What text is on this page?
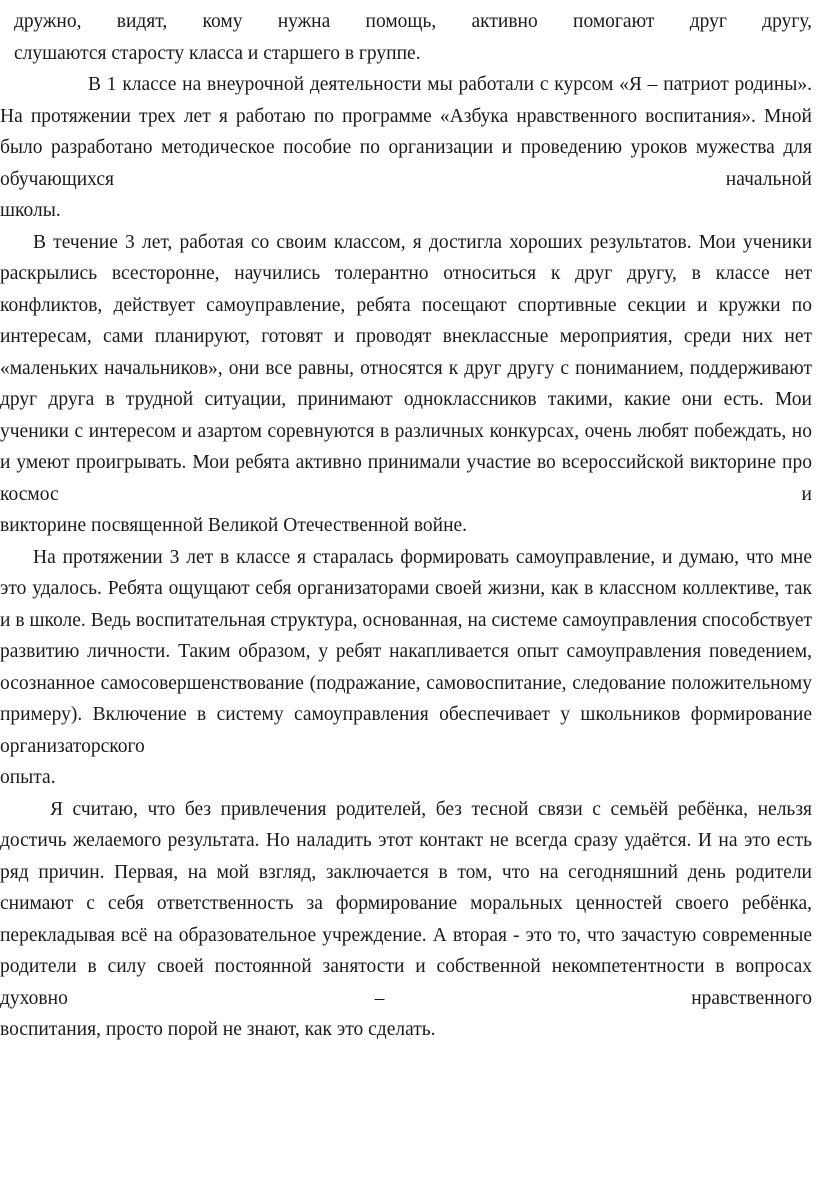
дружно, видят, кому нужна помощь, активно помогают друг другу,

слушаются старосту класса и старшего в группе.

В 1 классе на внеурочной деятельности мы работали с курсом «Я – патриот родины». На протяжении трех лет я работаю по программе «Азбука нравственного воспитания». Мной было разработано методическое пособие по организации и проведению уроков мужества для обучающихся начальной

школы.

В течение 3 лет, работая со своим классом, я достигла хороших результатов. Мои ученики раскрылись всесторонне, научились толерантно относиться к друг другу, в классе нет конфликтов, действует самоуправление, ребята посещают спортивные секции и кружки по интересам, сами планируют, готовят и проводят внеклассные мероприятия, среди них нет «маленьких начальников», они все равны, относятся к друг другу с пониманием, поддерживают друг друга в трудной ситуации, принимают одноклассников такими, какие они есть. Мои ученики с интересом и азартом соревнуются в различных конкурсах, очень любят побеждать, но и умеют проигрывать. Мои ребята активно принимали участие во всероссийской викторине про космос и

викторине посвященной Великой Отечественной войне.

На протяжении 3 лет в классе я старалась формировать самоуправление, и думаю, что мне это удалось. Ребята ощущают себя организаторами своей жизни, как в классном коллективе, так и в школе. Ведь воспитательная структура, основанная, на системе самоуправления способствует развитию личности. Таким образом, у ребят накапливается опыт самоуправления поведением, осознанное самосовершенствование (подражание, самовоспитание, следование положительному примеру). Включение в систему самоуправления обеспечивает у школьников формирование организаторского

опыта.

Я считаю, что без привлечения родителей, без тесной связи с семьёй ребёнка, нельзя достичь желаемого результата. Но наладить этот контакт не всегда сразу удаётся. И на это есть ряд причин. Первая, на мой взгляд, заключается в том, что на сегодняшний день родители снимают с себя ответственность за формирование моральных ценностей своего ребёнка, перекладывая всё на образовательное учреждение. А вторая - это то, что зачастую современные родители в силу своей постоянной занятости и собственной некомпетентности в вопросах духовно – нравственного

воспитания, просто порой не знают, как это сделать.
